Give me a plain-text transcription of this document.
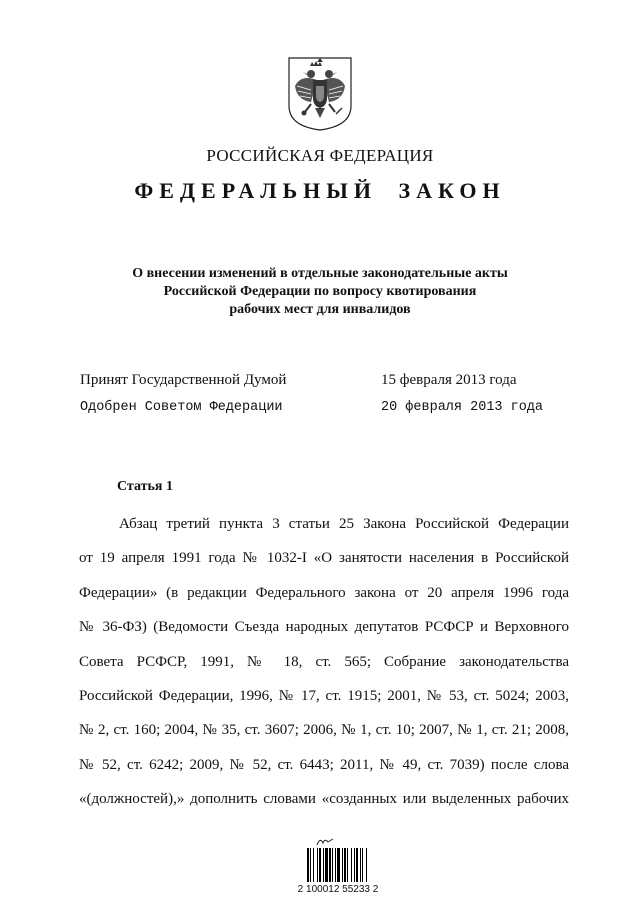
РОССИЙСКАЯ ФЕДЕРАЦИЯ
ФЕДЕРАЛЬНЫЙ ЗАКОН
О внесении изменений в отдельные законодательные акты
Российской Федерации по вопросу квотирования
рабочих мест для инвалидов
Принят Государственной Думой	15 февраля 2013 года
Одобрен Советом Федерации	20 февраля 2013 года
Статья 1
Абзац третий пункта 3 статьи 25 Закона Российской Федерации
от 19 апреля 1991 года № 1032-I «О занятости населения в Российской
Федерации» (в редакции Федерального закона от 20 апреля 1996 года
№ 36-ФЗ) (Ведомости Съезда народных депутатов РСФСР и Верховного
Совета РСФСР, 1991, № 18, ст. 565; Собрание законодательства
Российской Федерации, 1996, № 17, ст. 1915; 2001, № 53, ст. 5024; 2003,
№ 2, ст. 160; 2004, № 35, ст. 3607; 2006, № 1, ст. 10; 2007, № 1, ст. 21; 2008,
№ 52, ст. 6242; 2009, № 52, ст. 6443; 2011, № 49, ст. 7039) после слова
«(должностей),» дополнить словами «созданных или выделенных рабочих
2 100012 55233 2
